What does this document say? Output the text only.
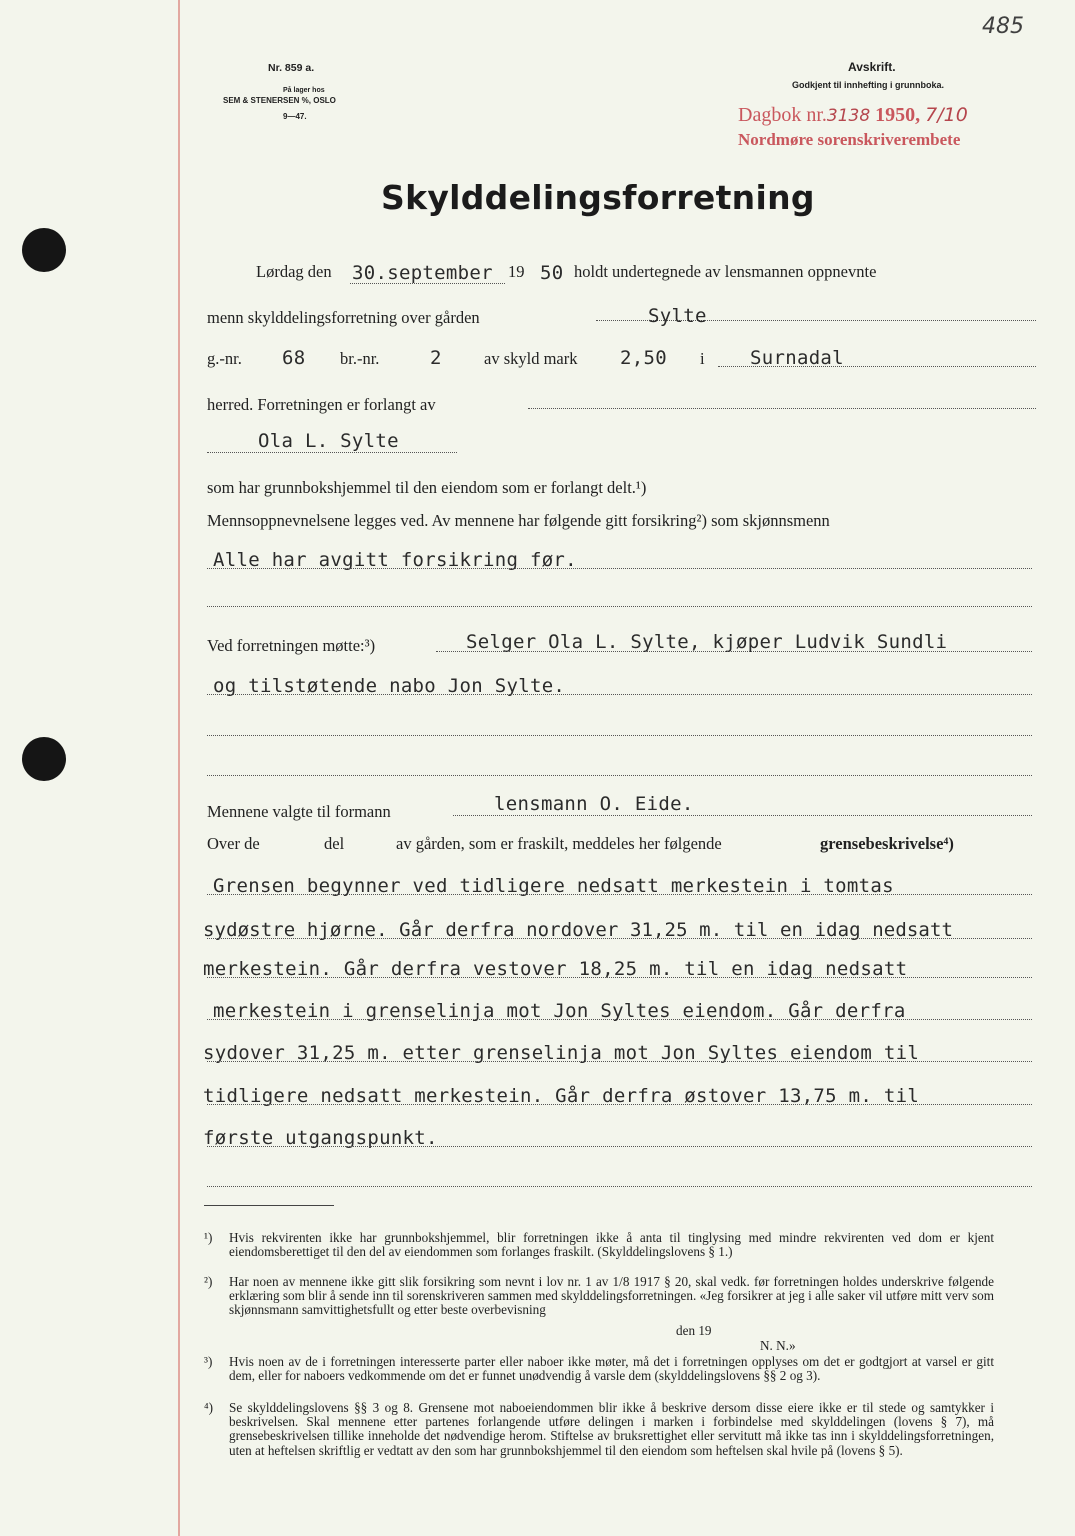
Nr. 859 a.
På lager hos
SEM & STENERSEN %, OSLO
9—47.
Avskrift.
Godkjent til innhefting i grunnboka.
Dagbok nr.3138 1950, 7/10
Nordmøre sorenskriverembete
485
Skylddelingsforretning
Lørdag den 30.september 19 50 holdt undertegnede av lensmannen oppnevnte
menn skylddelingsforretning over gården	Sylte
g.-nr. 68 br.-nr.	2	av skyld mark 2,50 i Surnadal
herred. Forretningen er forlangt av
Ola L. Sylte
som har grunnbokshjemmel til den eiendom som er forlangt delt.¹)
Mennsoppnevnelsene legges ved. Av mennene har følgende gitt forsikring²) som skjønnsmenn
Alle har avgitt forsikring før.
Ved forretningen møtte:³)	Selger Ola L. Sylte, kjøper Ludvik Sundli
og tilstøtende nabo Jon Sylte.
Mennene valgte til formann	lensmann O. Eide.
Over de	del	av gården, som er fraskilt, meddeles her følgende	grensebeskrivelse⁴)
Grensen begynner ved tidligere nedsatt merkestein i tomtas
sydøstre hjørne. Går derfra nordover 31,25 m. til en idag nedsatt
merkestein. Går derfra vestover 18,25 m. til en idag nedsatt
merkestein i grenselinja mot Jon Syltes eiendom. Går derfra
sydover 31,25 m. etter grenselinja mot Jon Syltes eiendom til
tidligere nedsatt merkestein. Går derfra østover 13,75 m. til
første utgangspunkt.
¹) Hvis rekvirenten ikke har grunnbokshjemmel, blir forretningen ikke å anta til tinglysing med mindre rekvirenten ved dom er kjent eiendomsberettiget til den del av eiendommen som forlanges fraskilt. (Skylddelingslovens § 1.)
²) Har noen av mennene ikke gitt slik forsikring som nevnt i lov nr. 1 av 1/8 1917 § 20, skal vedk. før forretningen holdes underskrive følgende erklæring som blir å sende inn til sorenskriveren sammen med skylddelingsforretningen. «Jeg forsikrer at jeg i alle saker vil utføre mitt verv som skjønnsmann samvittighetsfullt og etter beste overbevisning
den 19
N. N.»
³) Hvis noen av de i forretningen interesserte parter eller naboer ikke møter, må det i forretningen opplyses om det er godtgjort at varsel er gitt dem, eller for naboers vedkommende om det er funnet unødvendig å varsle dem (skylddelingslovens §§ 2 og 3).
⁴) Se skylddelingslovens §§ 3 og 8. Grensene mot naboeiendommen blir ikke å beskrive dersom disse eiere ikke er til stede og samtykker i beskrivelsen. Skal mennene etter partenes forlangende utføre delingen i marken i forbindelse med skylddelingen (lovens § 7), må grensebeskrivelsen tillike inneholde det nødvendige herom. Stiftelse av bruksrettighet eller servitutt må ikke tas inn i skylddelingsforretningen, uten at heftelsen skriftlig er vedtatt av den som har grunnbokshjemmel til den eiendom som heftelsen skal hvile på (lovens § 5).
